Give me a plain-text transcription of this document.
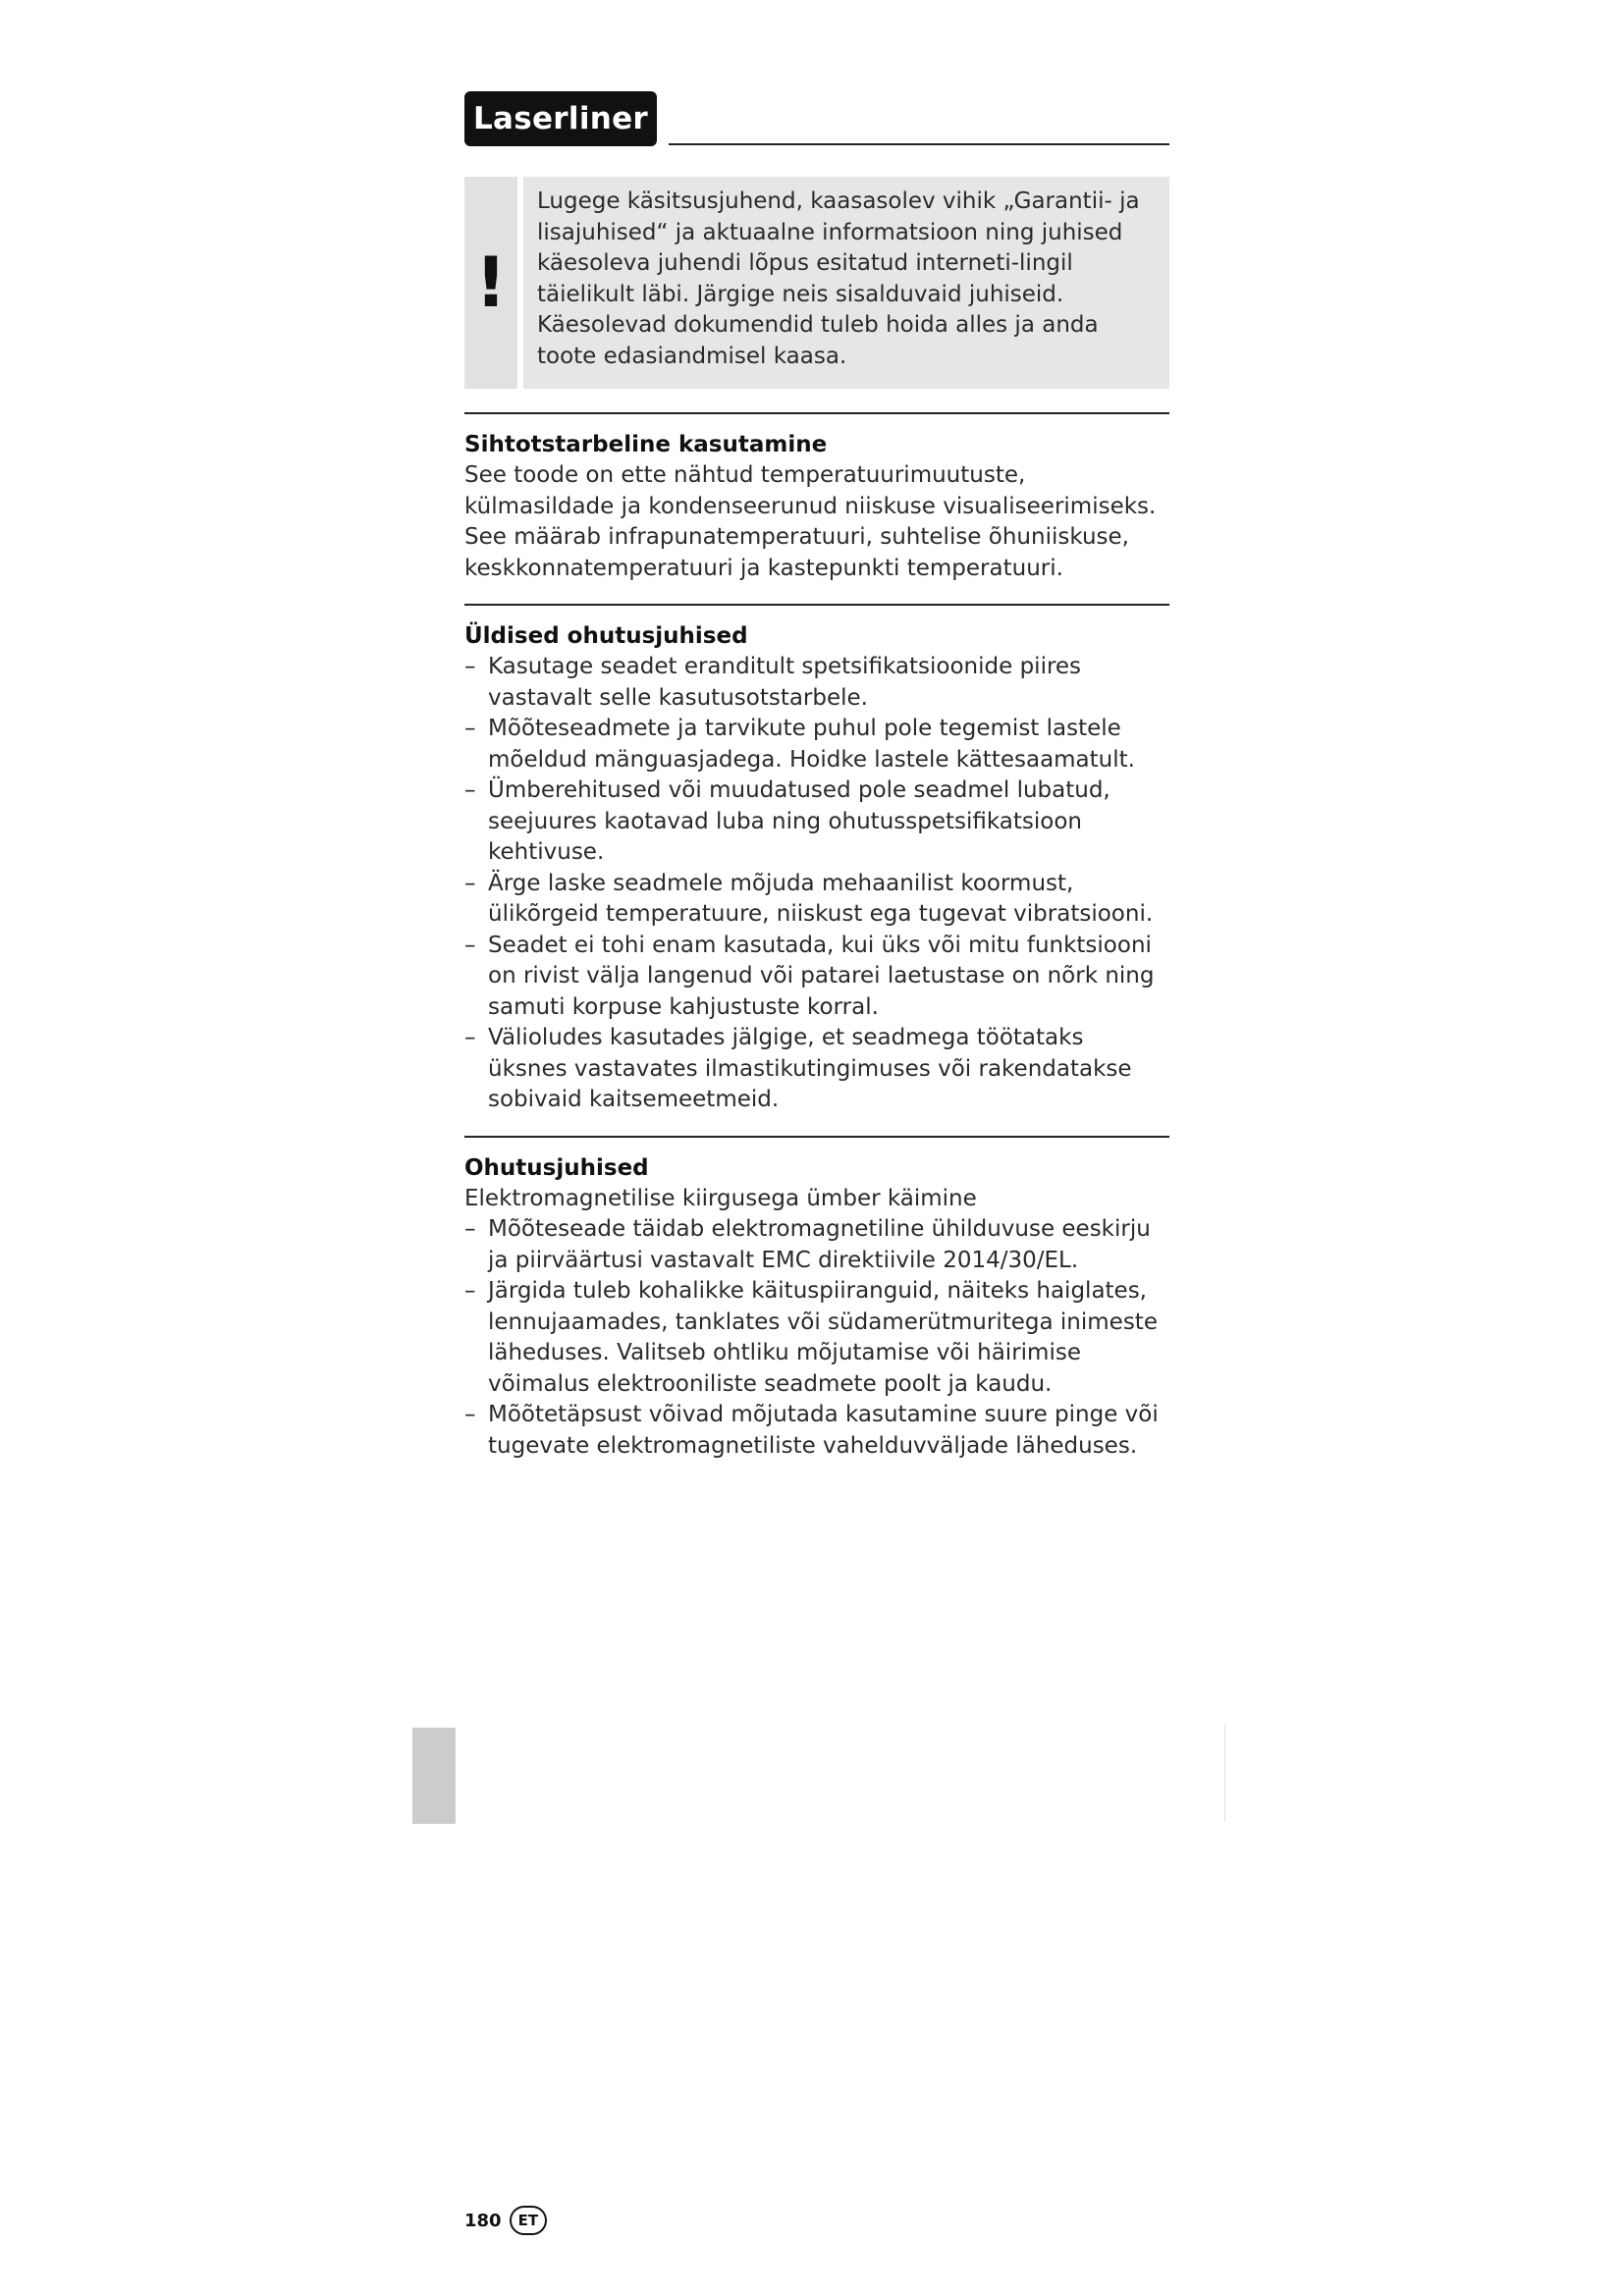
Laserliner
!
Lugege käsitsusjuhend, kaasasolev vihik „Garantii- ja lisajuhised“ ja aktuaalne informatsioon ning juhised käesoleva juhendi lõpus esitatud interneti-lingil täielikult läbi. Järgige neis sisalduvaid juhiseid. Käesolevad dokumendid tuleb hoida alles ja anda toote edasiandmisel kaasa.
Sihtotstarbeline kasutamine
See toode on ette nähtud temperatuurimuutuste, külmasildade ja kondenseerunud niiskuse visualiseerimiseks.
See määrab infrapunatemperatuuri, suhtelise õhuniiskuse, keskkonnatemperatuuri ja kastepunkti temperatuuri.
Üldised ohutusjuhised
– Kasutage seadet eranditult spetsifikatsioonide piires vastavalt selle kasutusotstarbele.
– Mõõteseadmete ja tarvikute puhul pole tegemist lastele mõeldud mänguasjadega. Hoidke lastele kättesaamatult.
– Ümberehitused või muudatused pole seadmel lubatud, seejuures kaotavad luba ning ohutusspetsifikatsioon kehtivuse.
– Ärge laske seadmele mõjuda mehaanilist koormust, ülikõrgeid temperatuure, niiskust ega tugevat vibratsiooni.
– Seadet ei tohi enam kasutada, kui üks või mitu funktsiooni on rivist välja langenud või patarei laetustase on nõrk ning samuti korpuse kahjustuste korral.
– Välioludes kasutades jälgige, et seadmega töötataks üksnes vastavates ilmastikutingimuses või rakendatakse sobivaid kaitsemeetmeid.
Ohutusjuhised
Elektromagnetilise kiirgusega ümber käimine
– Mõõteseade täidab elektromagnetiline ühilduvuse eeskirju ja piirväärtusi vastavalt EMC direktiivile 2014/30/EL.
– Järgida tuleb kohalikke käituspiiranguid, näiteks haiglates, lennujaamades, tanklates või südamerütmuritega inimeste läheduses. Valitseb ohtliku mõjutamise või häirimise võimalus elektrooniliste seadmete poolt ja kaudu.
– Mõõtetäpsust võivad mõjutada kasutamine suure pinge või tugevate elektromagnetiliste vahelduvväljade läheduses.
180	ET
